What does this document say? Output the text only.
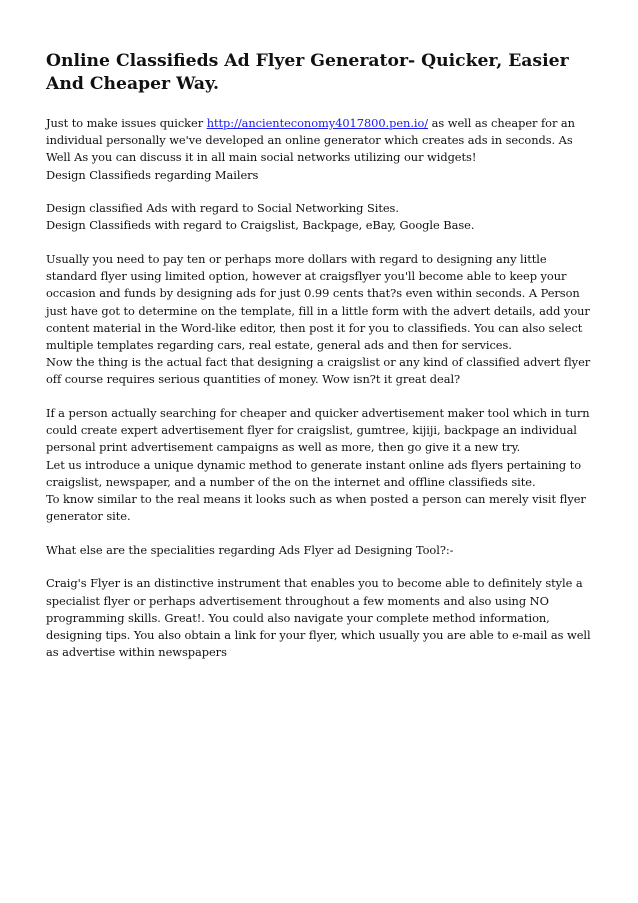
Online Classifieds Ad Flyer Generator- Quicker, Easier And Cheaper Way.

Just to make issues quicker http://ancienteconomy4017800.pen.io/ as well as cheaper for an individual personally we've developed an online generator which creates ads in seconds. As Well As you can discuss it in all main social networks utilizing our widgets!
Design Classifieds regarding Mailers

Design classified Ads with regard to Social Networking Sites.
Design Classifieds with regard to Craigslist, Backpage, eBay, Google Base.

Usually you need to pay ten or perhaps more dollars with regard to designing any little standard flyer using limited option, however at craigsflyer you'll become able to keep your occasion and funds by designing ads for just 0.99 cents that?s even within seconds. A Person just have got to determine on the template, fill in a little form with the advert details, add your content material in the Word-like editor, then post it for you to classifieds. You can also select multiple templates regarding cars, real estate, general ads and then for services.
Now the thing is the actual fact that designing a craigslist or any kind of classified advert flyer off course requires serious quantities of money. Wow isn?t it great deal?

If a person actually searching for cheaper and quicker advertisement maker tool which in turn could create expert advertisement flyer for craigslist, gumtree, kijiji, backpage an individual personal print advertisement campaigns as well as more, then go give it a new try.
Let us introduce a unique dynamic method to generate instant online ads flyers pertaining to craigslist, newspaper, and a number of the on the internet and offline classifieds site.
To know similar to the real means it looks such as when posted a person can merely visit flyer generator site.

What else are the specialities regarding Ads Flyer ad Designing Tool?:-

Craig's Flyer is an distinctive instrument that enables you to become able to definitely style a specialist flyer or perhaps advertisement throughout a few moments and also using NO programming skills. Great!. You could also navigate your complete method information, designing tips. You also obtain a link for your flyer, which usually you are able to e-mail as well as advertise within newspapers
